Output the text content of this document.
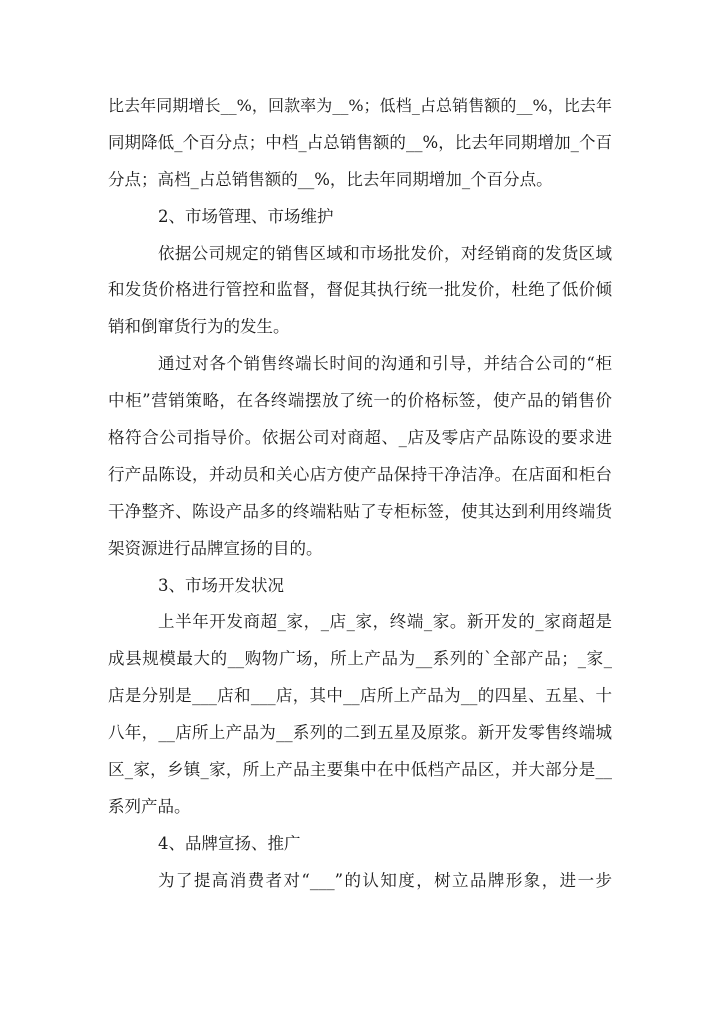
比去年同期增长__%，回款率为__%；低档_占总销售额的__%，比去年
同期降低_个百分点；中档_占总销售额的__%，比去年同期增加_个百
分点；高档_占总销售额的__%，比去年同期增加_个百分点。
2、市场管理、市场维护
依据公司规定的销售区域和市场批发价，对经销商的发货区域
和发货价格进行管控和监督，督促其执行统一批发价，杜绝了低价倾
销和倒窜货行为的发生。
通过对各个销售终端长时间的沟通和引导，并结合公司的“柜
中柜”营销策略，在各终端摆放了统一的价格标签，使产品的销售价
格符合公司指导价。依据公司对商超、_店及零店产品陈设的要求进
行产品陈设，并动员和关心店方使产品保持干净洁净。在店面和柜台
干净整齐、陈设产品多的终端粘贴了专柜标签，使其达到利用终端货
架资源进行品牌宣扬的目的。
3、市场开发状况
上半年开发商超_家，_店_家，终端_家。新开发的_家商超是
成县规模最大的__购物广场，所上产品为__系列的`全部产品；_家_
店是分别是___店和___店，其中__店所上产品为__的四星、五星、十
八年，__店所上产品为__系列的二到五星及原浆。新开发零售终端城
区_家，乡镇_家，所上产品主要集中在中低档产品区，并大部分是__
系列产品。
4、品牌宣扬、推广
为了提高消费者对“___”的认知度，树立品牌形象，进一步
